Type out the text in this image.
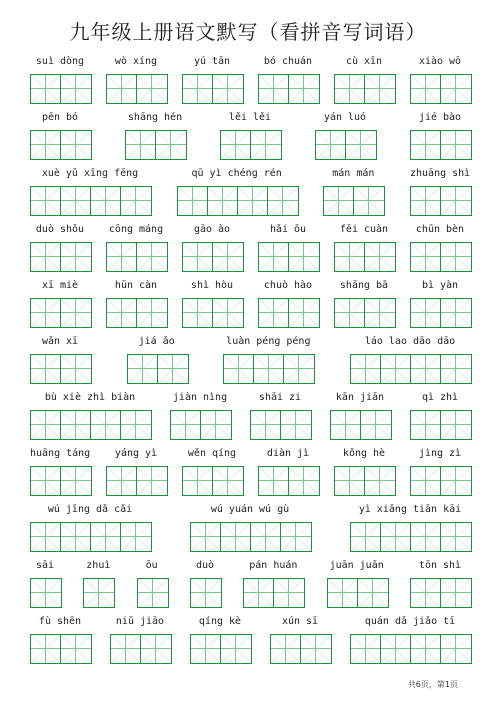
九年级上册语文默写（看拼音写词语）
suì dòng	wò xíng	yú tān	bó chuán	cù xīn	xiào wō
pēn bó	shāng hén	lěi lěi	yán luó	jié bào
xuè yǔ xīng fēng	qū yì chéng rén	mán mán	zhuāng shì
duò shǒu	cōng máng	gāo ào	hǎi ōu	fēi cuàn	chūn bèn
xī miè	hūn càn	shì hòu	chuò hào	shāng bā	bì yàn
wǎn xī	jiá ǎo	luàn péng péng	láo lao dāo dāo
bù xiè zhì biàn	jiàn nìng	shāi zi	kān jiān	qì zhì
huāng táng	yáng yì	wěn qíng	diàn jì	kǒng hè	jìng zì
wú jīng dǎ cǎi	wú yuán wú gù	yì xiǎng tiān kāi
sāi	zhuì	ōu	duò	pán huán	juān juān	tōn shì
fù shēn	niǔ jiāo	qíng kè	xún sī	quán dǎ jiǎo tī
共6页，第1页
